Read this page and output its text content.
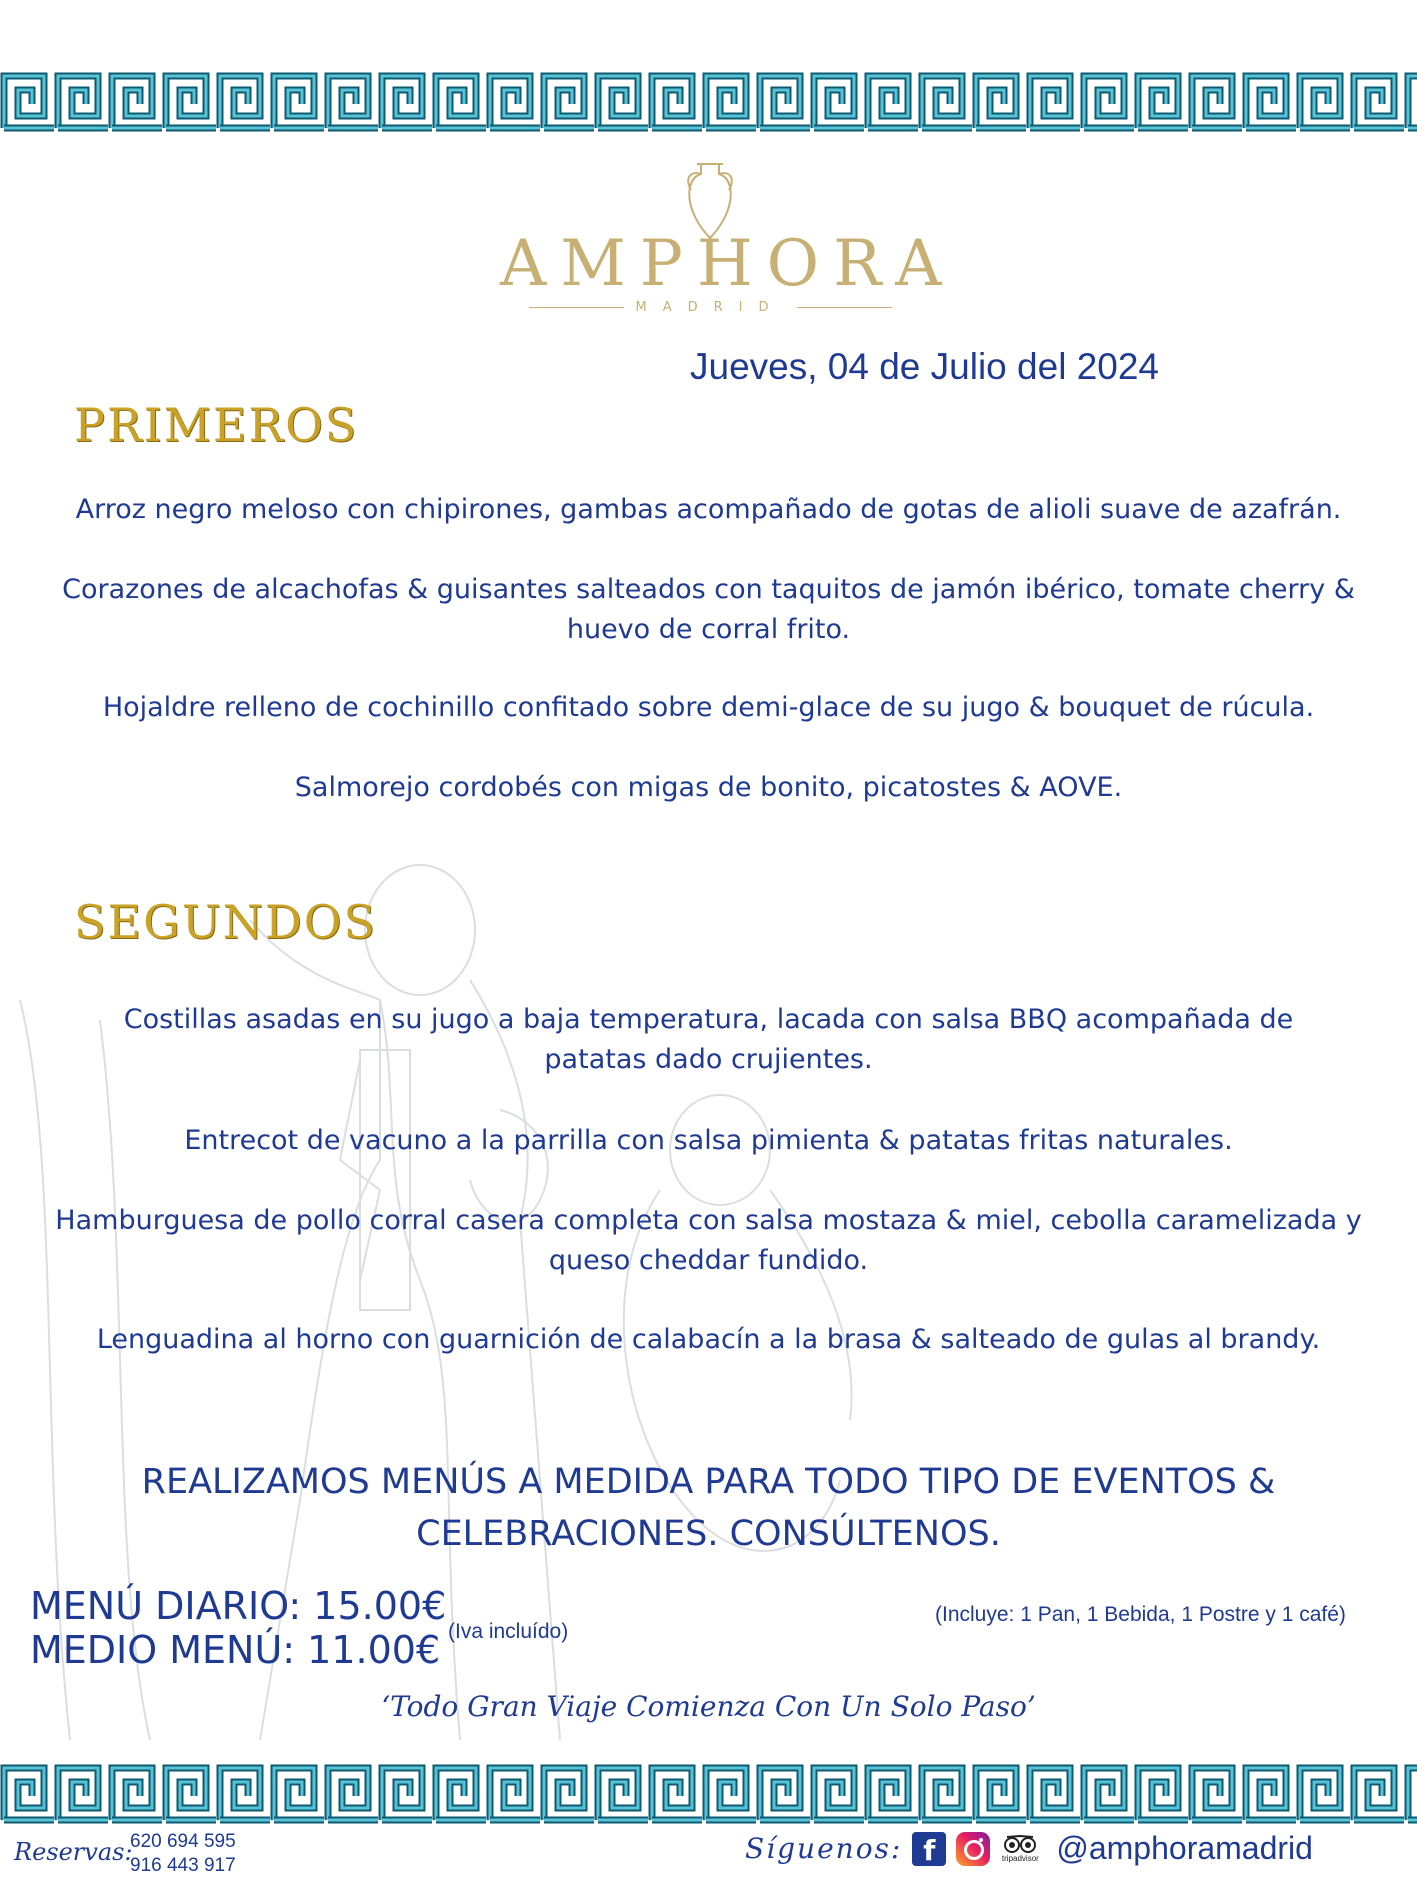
AMPHORA
MADRID
Jueves, 04 de Julio del 2024
PRIMEROS
Arroz negro meloso con chipirones, gambas acompañado de gotas de alioli suave de azafrán.
Corazones de alcachofas & guisantes salteados con taquitos de jamón ibérico, tomate cherry & huevo de corral frito.
Hojaldre relleno de cochinillo confitado sobre demi-glace de su jugo & bouquet de rúcula.
Salmorejo cordobés con migas de bonito, picatostes & AOVE.
SEGUNDOS
Costillas asadas en su jugo a baja temperatura, lacada con salsa BBQ acompañada de patatas dado crujientes.
Entrecot de vacuno a la parrilla con salsa pimienta & patatas fritas naturales.
Hamburguesa de pollo corral casera completa con salsa mostaza & miel, cebolla caramelizada y queso cheddar fundido.
Lenguadina al horno con guarnición de calabacín a la brasa & salteado de gulas al brandy.
REALIZAMOS MENÚS A MEDIDA PARA TODO TIPO DE EVENTOS & CELEBRACIONES. CONSÚLTENOS.
MENÚ DIARIO: 15.00€
MEDIO MENÚ: 11.00€ (Iva incluído)
(Incluye: 1 Pan, 1 Bebida, 1 Postre y 1 café)
‘Todo Gran Viaje Comienza Con Un Solo Paso’
Reservas:
620 694 595
916 443 917
Síguenos: f	tripadvisor @amphoramadrid
